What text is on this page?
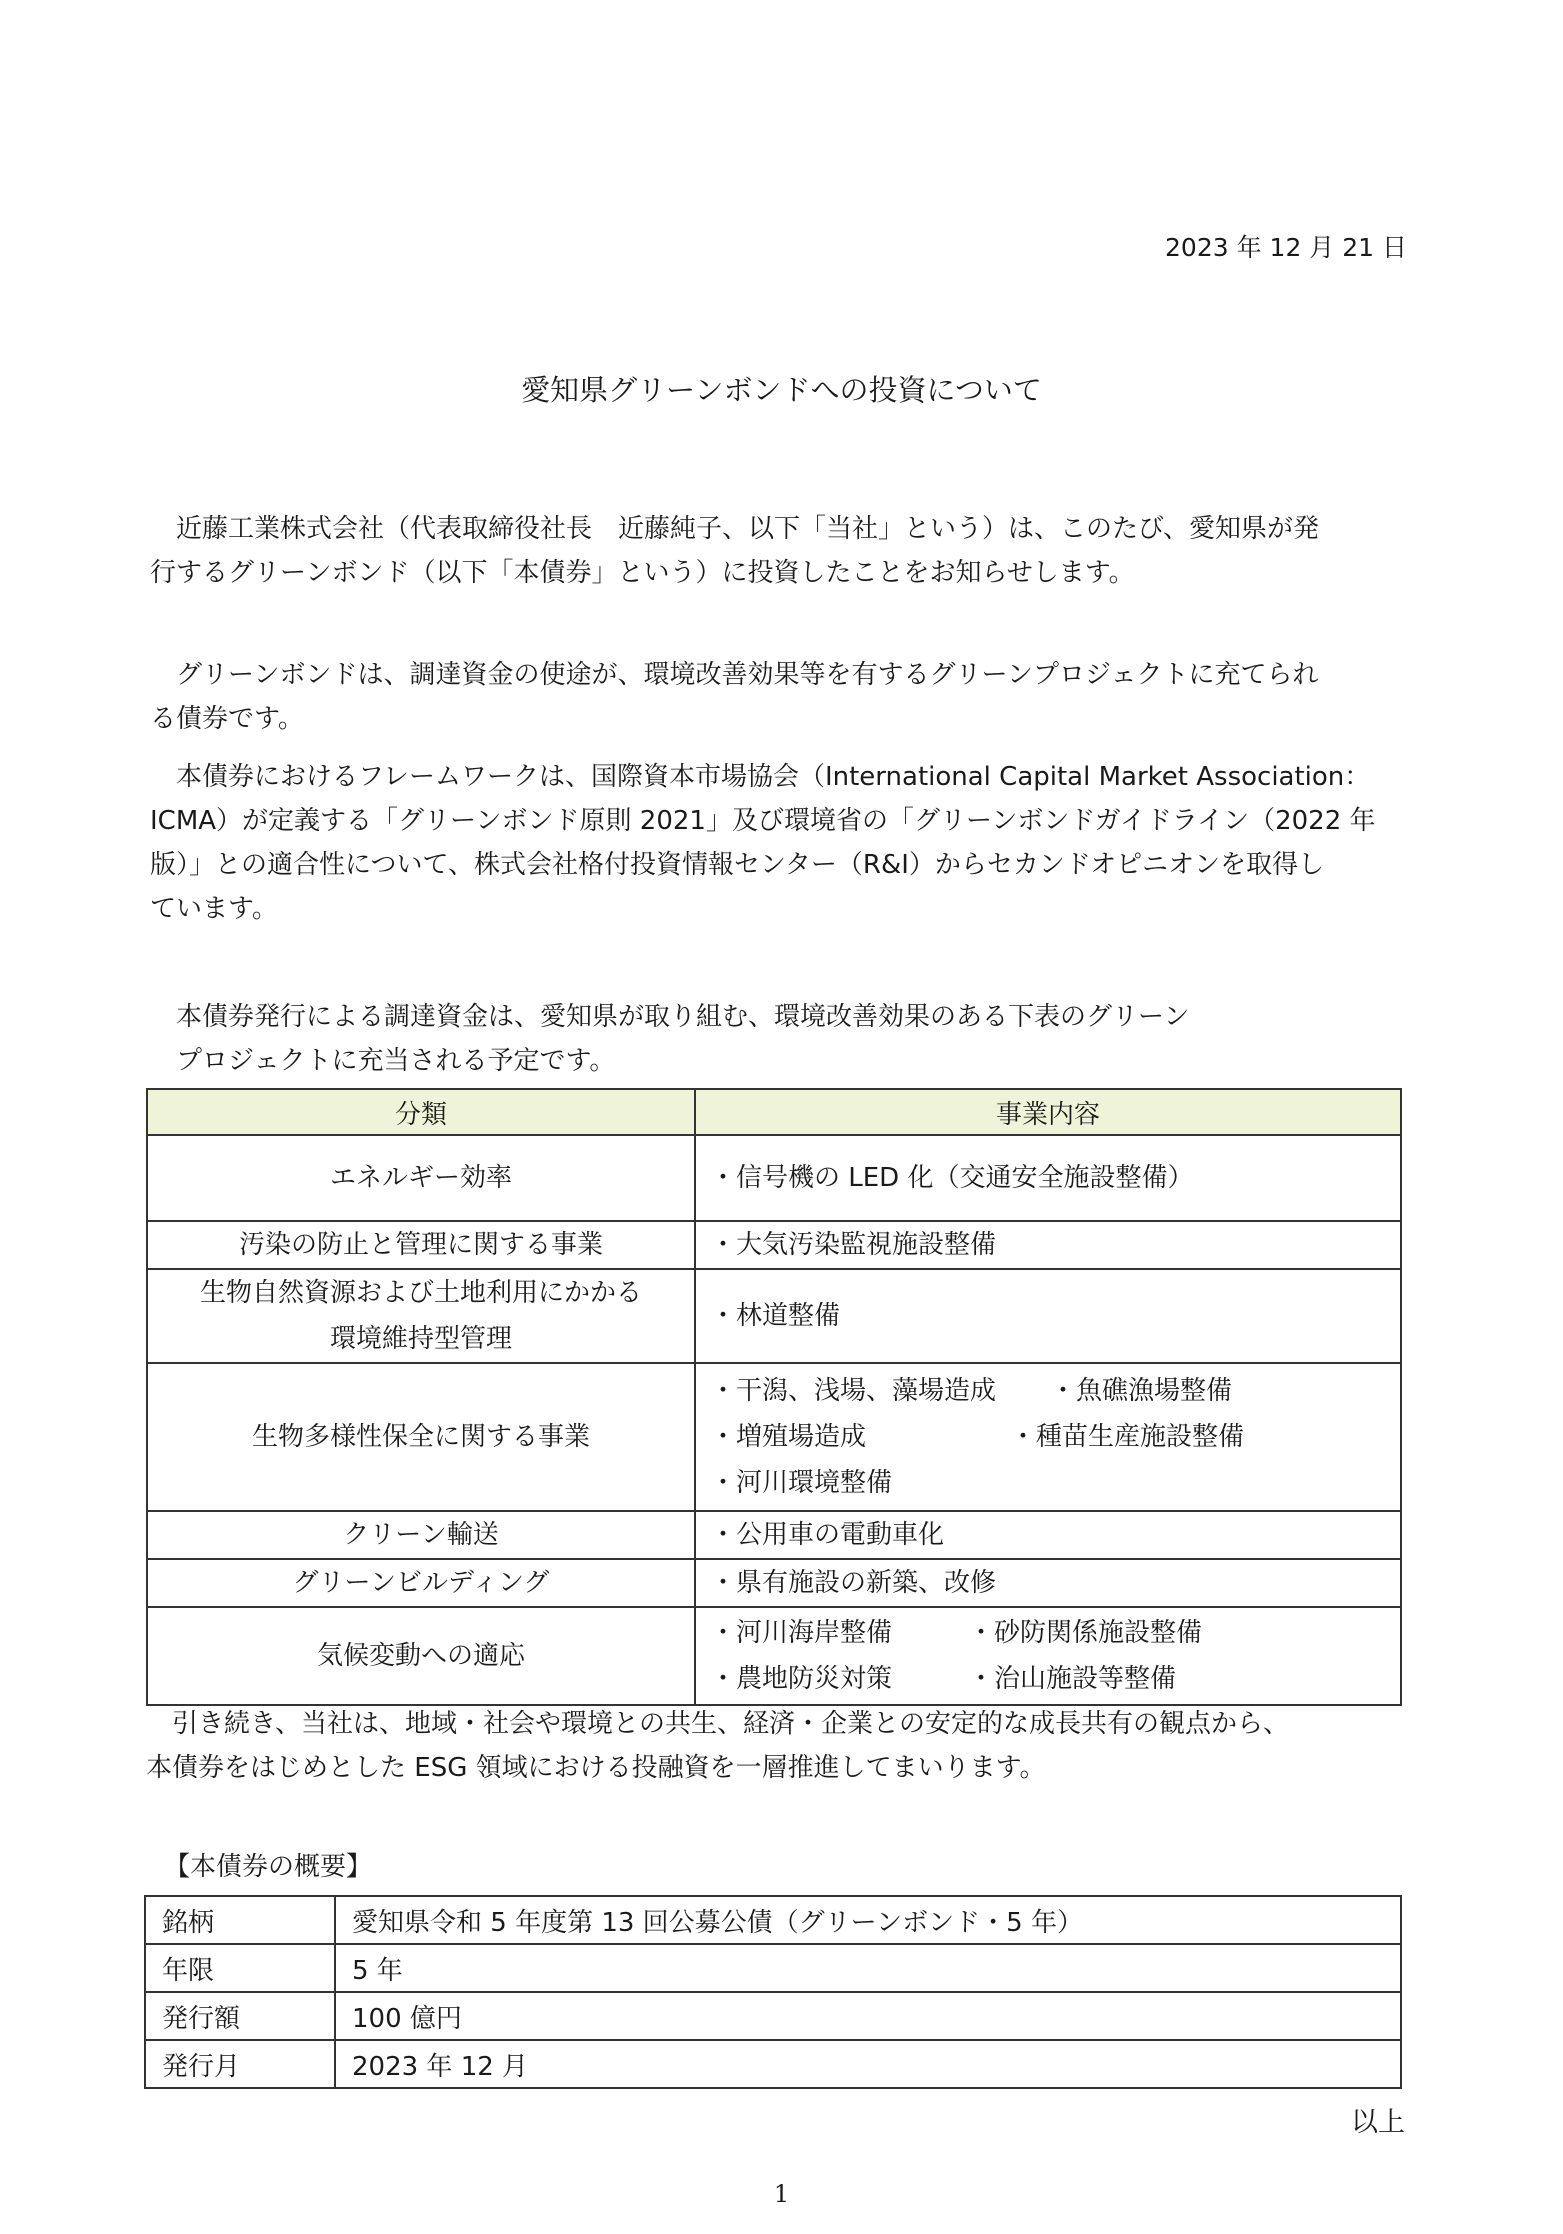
2023 年 12 月 21 日
愛知県グリーンボンドへの投資について

近藤工業株式会社（代表取締役社長　近藤純子、以下「当社」という）は、このたび、愛知県が発

行するグリーンボンド（以下「本債券」という）に投資したことをお知らせします。

グリーンボンドは、調達資金の使途が、環境改善効果等を有するグリーンプロジェクトに充てられ

る債券です。

本債券におけるフレームワークは、国際資本市場協会（International Capital Market Association：

ICMA）が定義する「グリーンボンド原則 2021」及び環境省の「グリーンボンドガイドライン（2022 年

版）」との適合性について、株式会社格付投資情報センター（R&I）からセカンドオピニオンを取得し

ています。

本債券発行による調達資金は、愛知県が取り組む、環境改善効果のある下表のグリーン

プロジェクトに充当される予定です。

分類	事業内容
エネルギー効率	・信号機の LED 化（交通安全施設整備）

汚染の防止と管理に関する事業	・大気汚染監視施設整備

生物自然資源および土地利用にかかる
環境維持型管理	・林道整備

生物多様性保全に関する事業	・干潟、浅場、藻場造成 ・魚礁漁場整備
・増殖場造成 ・種苗生産施設整備
・河川環境整備

クリーン輸送	・公用車の電動車化

グリーンビルディング	・県有施設の新築、改修

気候変動への適応	・河川海岸整備 ・砂防関係施設整備
・農地防災対策 ・治山施設等整備

引き続き、当社は、地域・社会や環境との共生、経済・企業との安定的な成長共有の観点から、

本債券をはじめとした ESG 領域における投融資を一層推進してまいります。

【本債券の概要】
銘柄	愛知県令和 5 年度第 13 回公募公債（グリーンボンド・5 年）
年限	5 年
発行額	100 億円
発行月	2023 年 12 月
以上
1
